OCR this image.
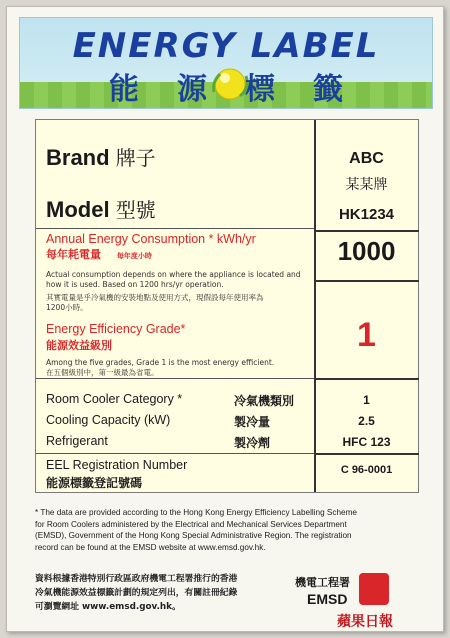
ENERGY LABEL
能源標籤
Brand 牌子	ABC
某某牌
Model 型號	HK1234
Annual Energy Consumption * kWh/yr
每年耗電量 每年度小時	1000
Actual consumption depends on where the appliance is located and
how it is used. Based on 1200 hrs/yr operation.
其實電量是乎冷氣機的安裝地點及使用方式，現假設每年使用率為
1200小時。
Energy Efficiency Grade*
能源效益級別	1
Among the five grades, Grade 1 is the most energy efficient.
在五個級別中，第一級最為省電。
Room Cooler Category *	冷氣機類別	1
Cooling Capacity (kW)	製冷量	2.5
Refrigerant	製冷劑	HFC 123
EEL Registration Number
能源標籤登記號碼
C 96-0001
* The data are provided according to the Hong Kong Energy Efficiency Labelling Scheme
for Room Coolers administered by the Electrical and Mechanical Services Department
(EMSD), Government of the Hong Kong Special Administrative Region. The registration
record can be found at the EMSD website at www.emsd.gov.hk.
資料根據香港特別行政區政府機電工程署推行的香港
冷氣機能源效益標籤計劃的規定列出，有關註冊紀錄
可瀏覽網址 www.emsd.gov.hk。
機電工程署
EMSD
蘋果日報
